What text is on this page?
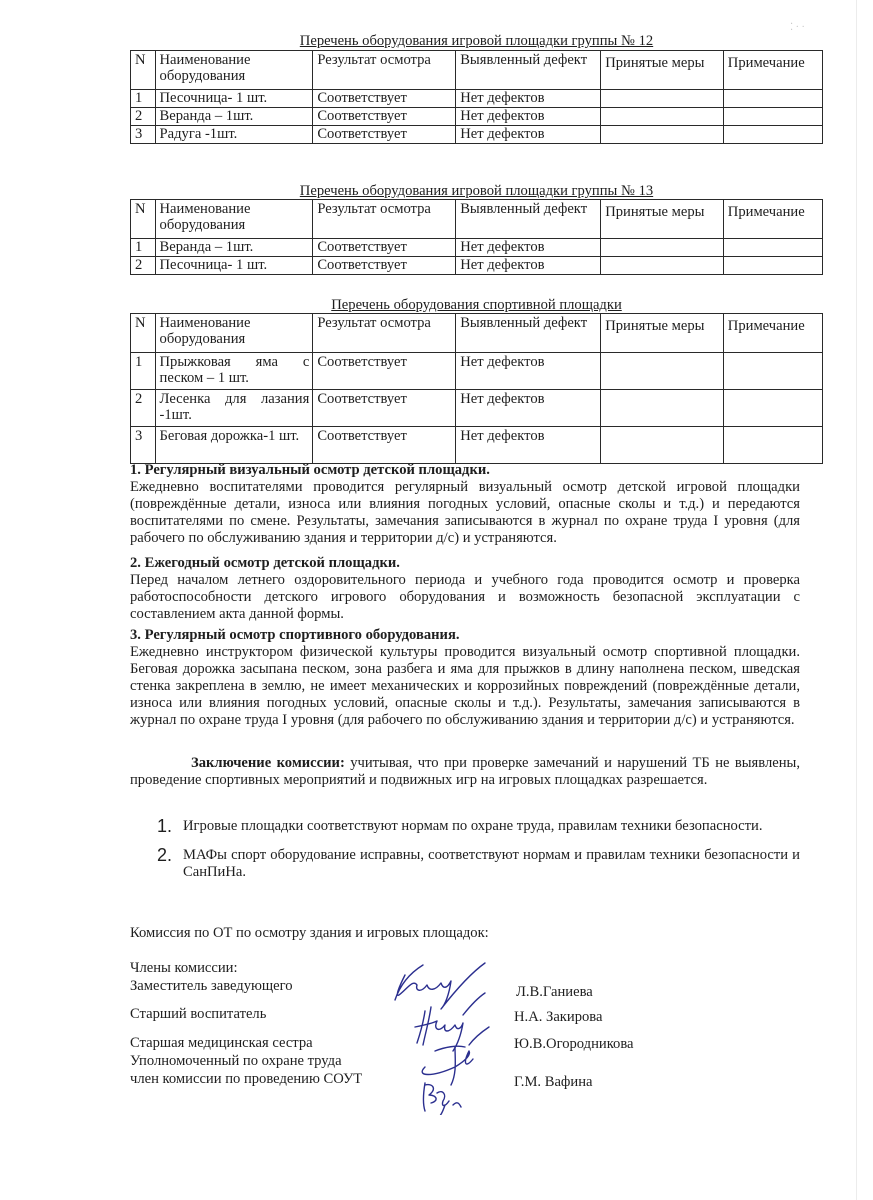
⁚ · ·
Перечень оборудования игровой площадки группы № 12
N	Наименование оборудования	Результат осмотра	Выявленный дефект	Принятые меры	Примечание
1	Песочница- 1 шт.	Соответствует	Нет дефектов		
2	Веранда – 1шт.	Соответствует	Нет дефектов		
3	Радуга -1шт.	Соответствует	Нет дефектов		
Перечень оборудования игровой площадки группы № 13
N	Наименование оборудования	Результат осмотра	Выявленный дефект	Принятые меры	Примечание
1	Веранда – 1шт.	Соответствует	Нет дефектов		
2	Песочница- 1 шт.	Соответствует	Нет дефектов		
Перечень оборудования спортивной площадки
N	Наименование оборудования	Результат осмотра	Выявленный дефект	Принятые меры	Примечание
1	Прыжковая яма с песком – 1 шт.	Соответствует	Нет дефектов		
2	Лесенка для лазания -1шт.	Соответствует	Нет дефектов		
3	Беговая дорожка-1 шт.	Соответствует	Нет дефектов		
1. Регулярный визуальный осмотр детской площадки.
Ежедневно воспитателями проводится регулярный визуальный осмотр детской игровой площадки (повреждённые детали, износа или влияния погодных условий, опасные сколы и т.д.) и передаются воспитателями по смене. Результаты, замечания записываются в журнал по охране труда I уровня (для рабочего по обслуживанию здания и территории д/с) и устраняются.
2. Ежегодный осмотр детской площадки.
Перед началом летнего оздоровительного периода и учебного года проводится осмотр и проверка работоспособности детского игрового оборудования и возможность безопасной эксплуатации с составлением акта данной формы.
3. Регулярный осмотр спортивного оборудования.
Ежедневно инструктором физической культуры проводится визуальный осмотр спортивной площадки. Беговая дорожка засыпана песком, зона разбега и яма для прыжков в длину наполнена песком, шведская стенка закреплена в землю, не имеет механических и коррозийных повреждений (повреждённые детали, износа или влияния погодных условий, опасные сколы и т.д.). Результаты, замечания записываются в журнал по охране труда I уровня (для рабочего по обслуживанию здания и территории д/с) и устраняются.
Заключение комиссии: учитывая, что при проверке замечаний и нарушений ТБ не выявлены, проведение спортивных мероприятий и подвижных игр на игровых площадках разрешается.
1. Игровые площадки соответствуют нормам по охране труда, правилам техники безопасности.
2. МАФы спорт оборудование исправны, соответствуют нормам и правилам техники безопасности и СанПиНа.
Комиссия по ОТ по осмотру здания и игровых площадок:
Члены комиссии:
Заместитель заведующего	Л.В.Ганиева
Старший воспитатель	Н.А. Закирова
Старшая медицинская сестра	Ю.В.Огородникова
Уполномоченный по охране труда
член комиссии по проведению СОУТ	Г.М. Вафина
